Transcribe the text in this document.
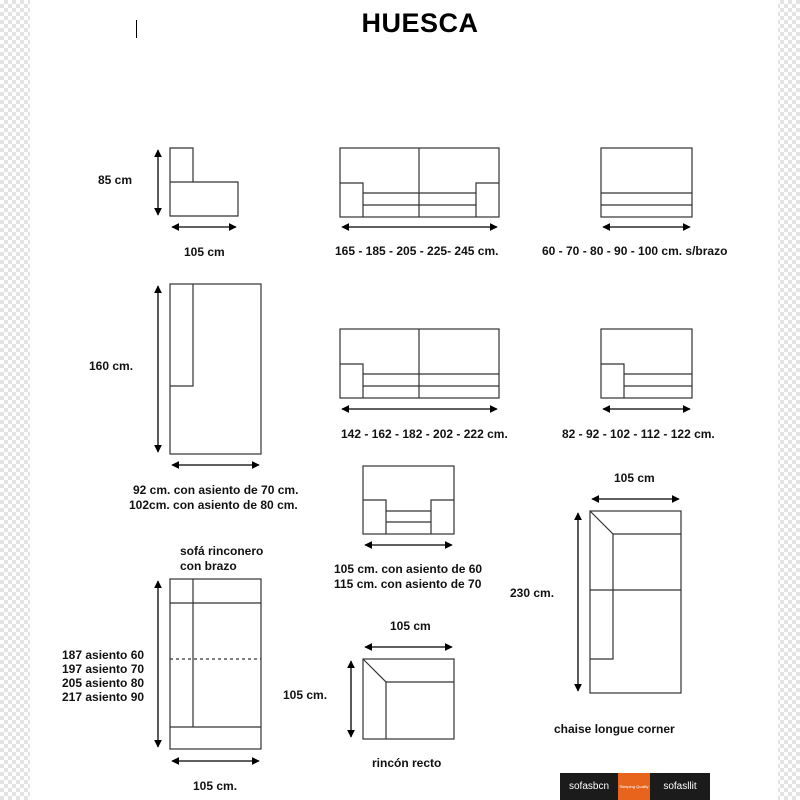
HUESCA
85 cm
105 cm	165 - 185 - 205 - 225- 245 cm.	60 - 70 - 80 - 90 - 100 cm. s/brazo
160 cm.
92 cm. con asiento de 70 cm.
102cm. con asiento de 80 cm.
142 - 162 - 182 - 202 - 222 cm.	82 - 92 - 102 - 112 - 122 cm.
105 cm. con asiento de 60
115 cm. con asiento de 70
sofá rinconero
con brazo
187 asiento 60
197 asiento 70
205 asiento 80
217 asiento 90
105 cm.
105 cm
105 cm.
rincón recto
105 cm
230 cm.
chaise longue corner
sofasbcn	Sleeping Quality	sofasllit
